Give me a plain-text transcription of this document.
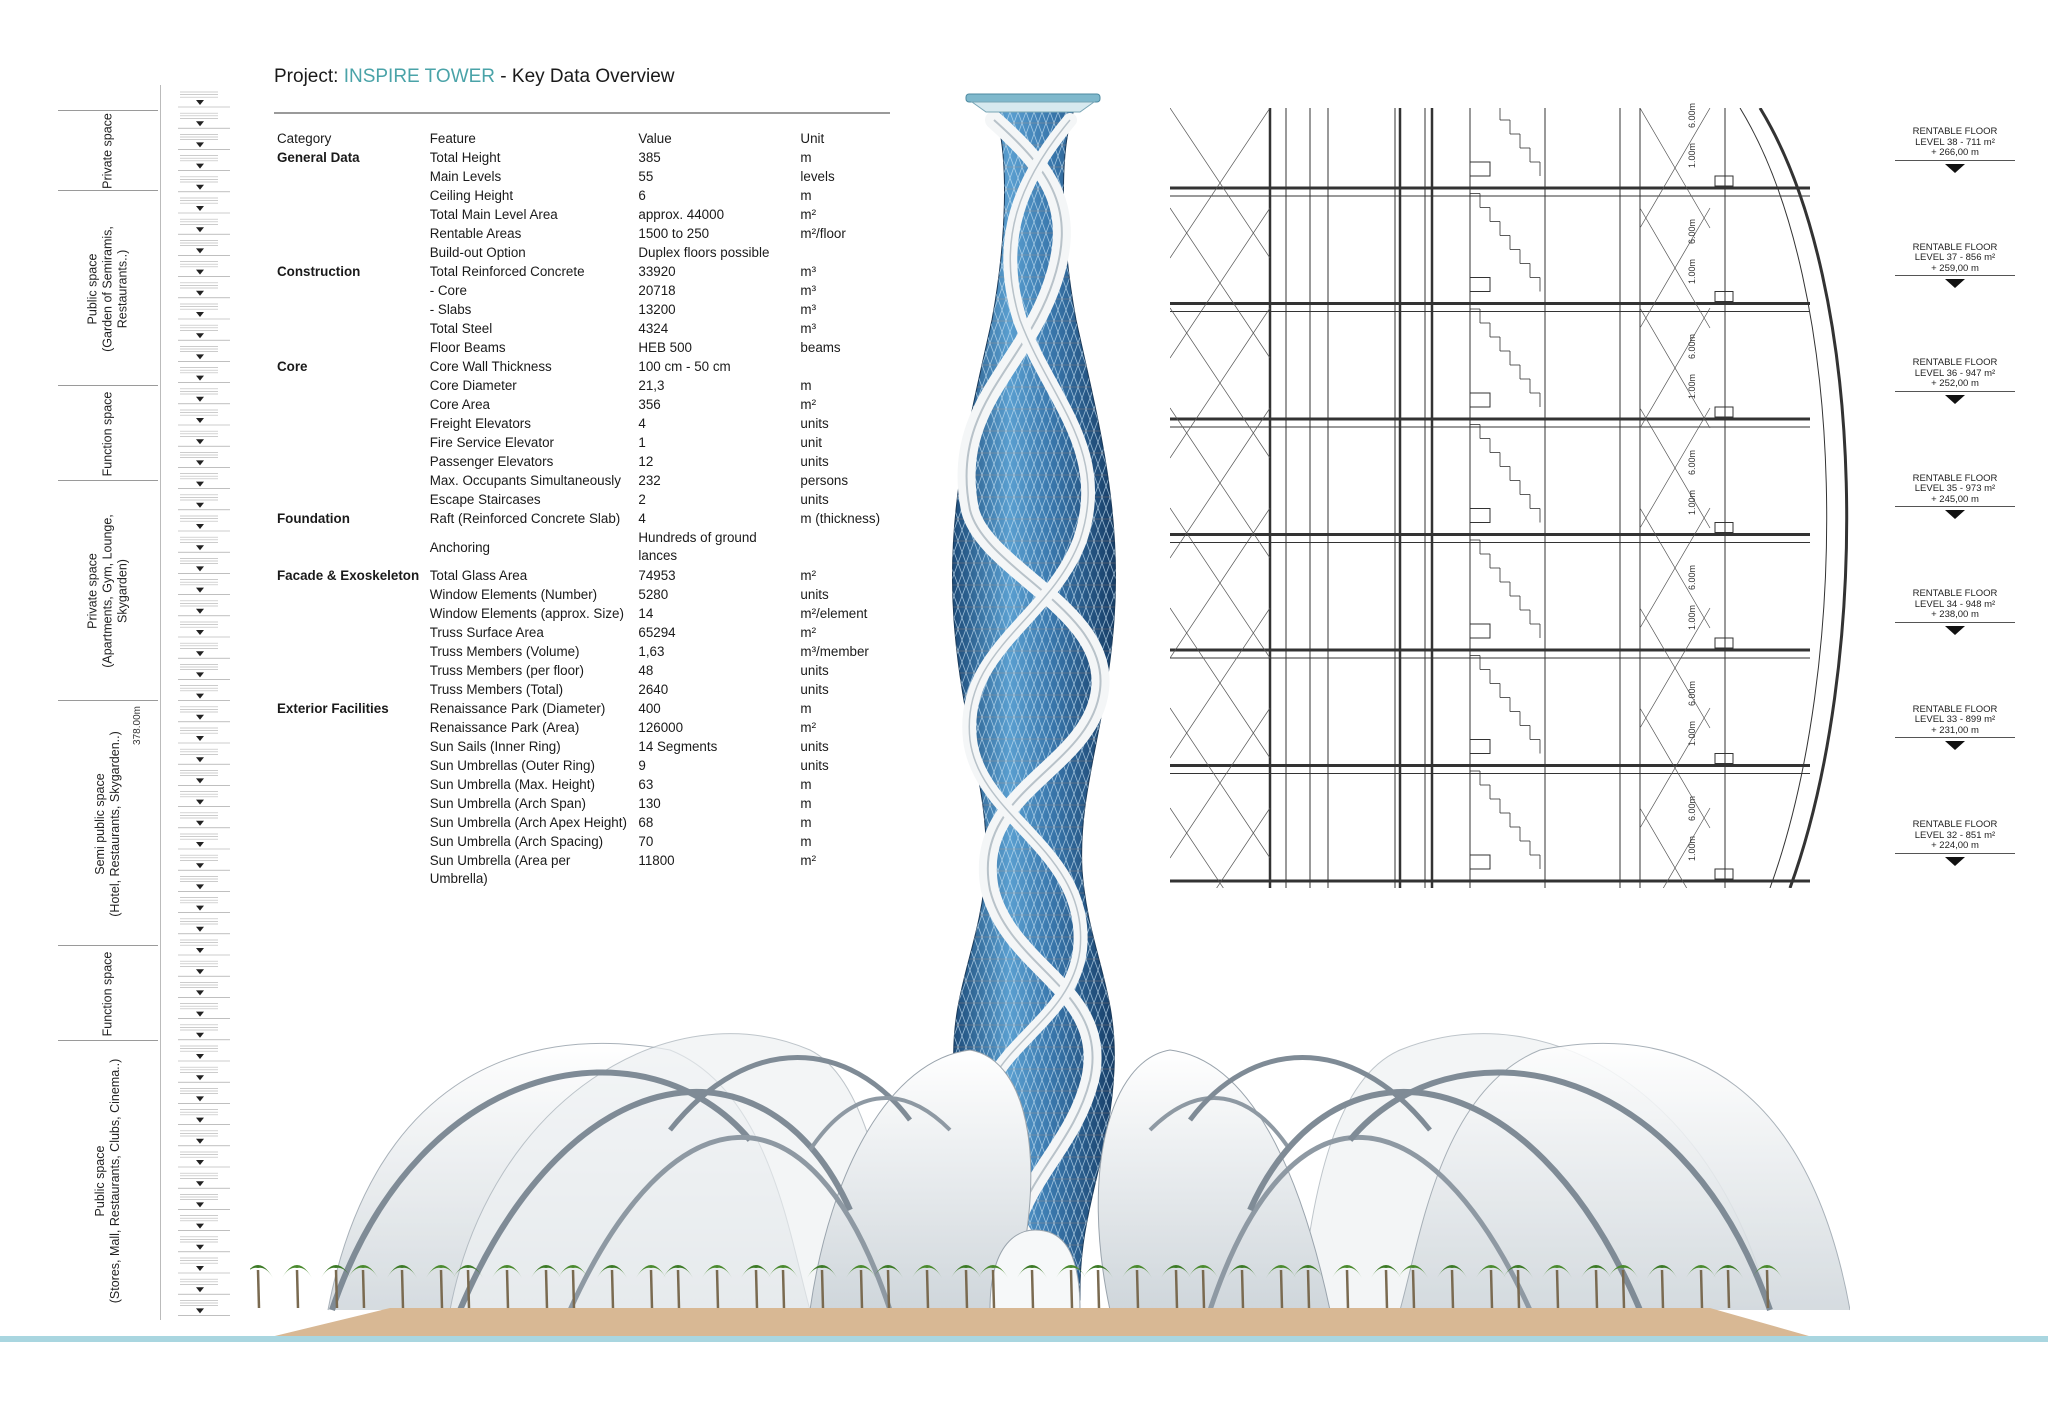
Private space
Public space
(Garden of Semiramis,
Restaurants..)
Function space
Private space
(Apartments, Gym, Lounge,
Skygarden)
Semi public space
(Hotel, Restaurants, Skygarden..)
Function space
Public space
(Stores, Mall, Restaurants, Clubs, Cinema..)
378.00m
Project: INSPIRE TOWER - Key Data Overview
Category	Feature	Value	Unit
General Data	Total Height	385	m
	Main Levels	55	levels
	Ceiling Height	6	m
	Total Main Level Area	approx. 44000	m²
	Rentable Areas	1500 to 250	m²/floor
	Build-out Option	Duplex floors possible	
Construction	Total Reinforced Concrete	33920	m³
	- Core	20718	m³
	- Slabs	13200	m³
	Total Steel	4324	m³
	Floor Beams	HEB 500	beams
Core	Core Wall Thickness	100 cm - 50 cm	
	Core Diameter	21,3	m
	Core Area	356	m²
	Freight Elevators	4	units
	Fire Service Elevator	1	unit
	Passenger Elevators	12	units
	Max. Occupants Simultaneously	232	persons
	Escape Staircases	2	units
Foundation	Raft (Reinforced Concrete Slab)	4	m (thickness)
	Anchoring	Hundreds of ground lances	
Facade & Exoskeleton	Total Glass Area	74953	m²
	Window Elements (Number)	5280	units
	Window Elements (approx. Size)	14	m²/element
	Truss Surface Area	65294	m²
	Truss Members (Volume)	1,63	m³/member
	Truss Members (per floor)	48	units
	Truss Members (Total)	2640	units
Exterior Facilities	Renaissance Park (Diameter)	400	m
	Renaissance Park (Area)	126000	m²
	Sun Sails (Inner Ring)	14 Segments	units
	Sun Umbrellas (Outer Ring)	9	units
	Sun Umbrella (Max. Height)	63	m
	Sun Umbrella (Arch Span)	130	m
	Sun Umbrella (Arch Apex Height)	68	m
	Sun Umbrella (Arch Spacing)	70	m
	Sun Umbrella (Area per Umbrella)	11800	m²
RENTABLE FLOOR
LEVEL 38 - 711 m²
+ 266,00 m
RENTABLE FLOOR
LEVEL 37 - 856 m²
+ 259,00 m
RENTABLE FLOOR
LEVEL 36 - 947 m²
+ 252,00 m
RENTABLE FLOOR
LEVEL 35 - 973 m²
+ 245,00 m
RENTABLE FLOOR
LEVEL 34 - 948 m²
+ 238,00 m
RENTABLE FLOOR
LEVEL 33 - 899 m²
+ 231,00 m
RENTABLE FLOOR
LEVEL 32 - 851 m²
+ 224,00 m
6.00m
1.00m
6.00m
1.00m
6.00m
1.00m
6.00m
1.00m
6.00m
1.00m
6.00m
1.00m
6.00m
1.00m
